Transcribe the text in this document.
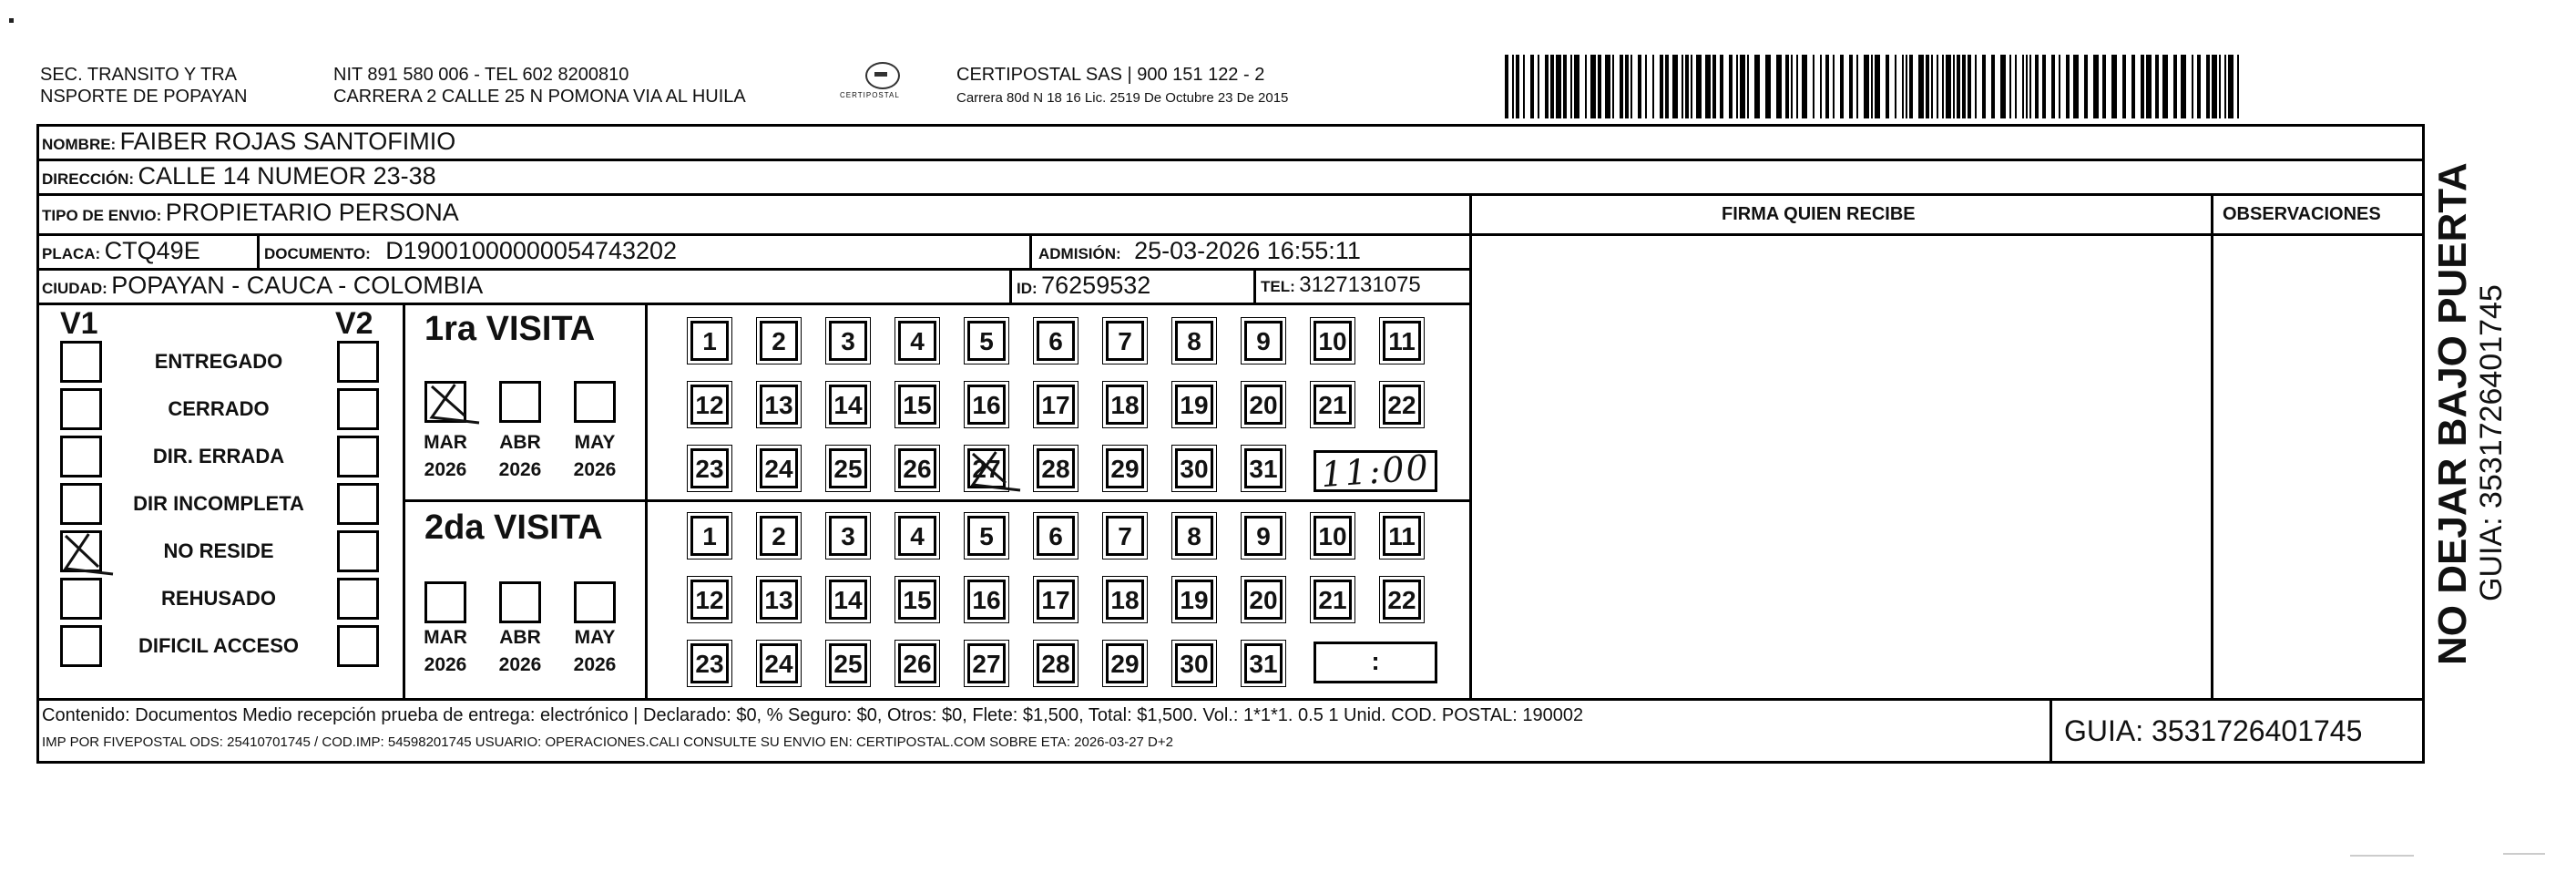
SEC. TRANSITO Y TRA
NSPORTE DE POPAYAN
NIT 891 580 006 - TEL 602 8200810
CARRERA 2 CALLE 25 N POMONA VIA AL HUILA	CERTIPOSTAL
CERTIPOSTAL SAS | 900 151 122 - 2
Carrera 80d N 18 16 Lic. 2519 De Octubre 23 De 2015
NOMBRE: FAIBER ROJAS SANTOFIMIO
DIRECCIÓN: CALLE 14 NUMEOR 23-38
TIPO DE ENVIO: PROPIETARIO PERSONA
PLACA: CTQ49E	DOCUMENTO: D19001000000054743202	ADMISIÓN: 25-03-2026 16:55:11
CIUDAD: POPAYAN - CAUCA - COLOMBIA	ID: 76259532	TEL: 3127131075
FIRMA QUIEN RECIBE	OBSERVACIONES
V1	V2
ENTREGADO
CERRADO
DIR. ERRADA
DIR INCOMPLETA
NO RESIDE
REHUSADO
DIFICIL ACCESO
1ra VISITA
2da VISITA
MAR
2026
ABR
2026
MAY
2026
MAR
2026
ABR
2026
MAY
2026
1	2	3	4	5	6	7	8	9	10 11
12 13 14 15 16 17 18 19 20 21 22
23 24 25 26 27 28 29 30 31
1	2	3	4	5	6	7	8	9	10 11
12 13 14 15 16 17 18 19 20 21 22
23 24 25 26 27 28 29 30 31
11:00
:
Contenido: Documentos Medio recepción prueba de entrega: electrónico | Declarado: $0, % Seguro: $0, Otros: $0, Flete: $1,500, Total: $1,500. Vol.: 1*1*1. 0.5 1 Unid. COD. POSTAL: 190002
IMP POR FIVEPOSTAL ODS: 25410701745 / COD.IMP: 54598201745 USUARIO: OPERACIONES.CALI CONSULTE SU ENVIO EN: CERTIPOSTAL.COM SOBRE ETA: 2026-03-27 D+2	GUIA: 3531726401745
NO DEJAR BAJO PUERTA GUIA: 3531726401745
